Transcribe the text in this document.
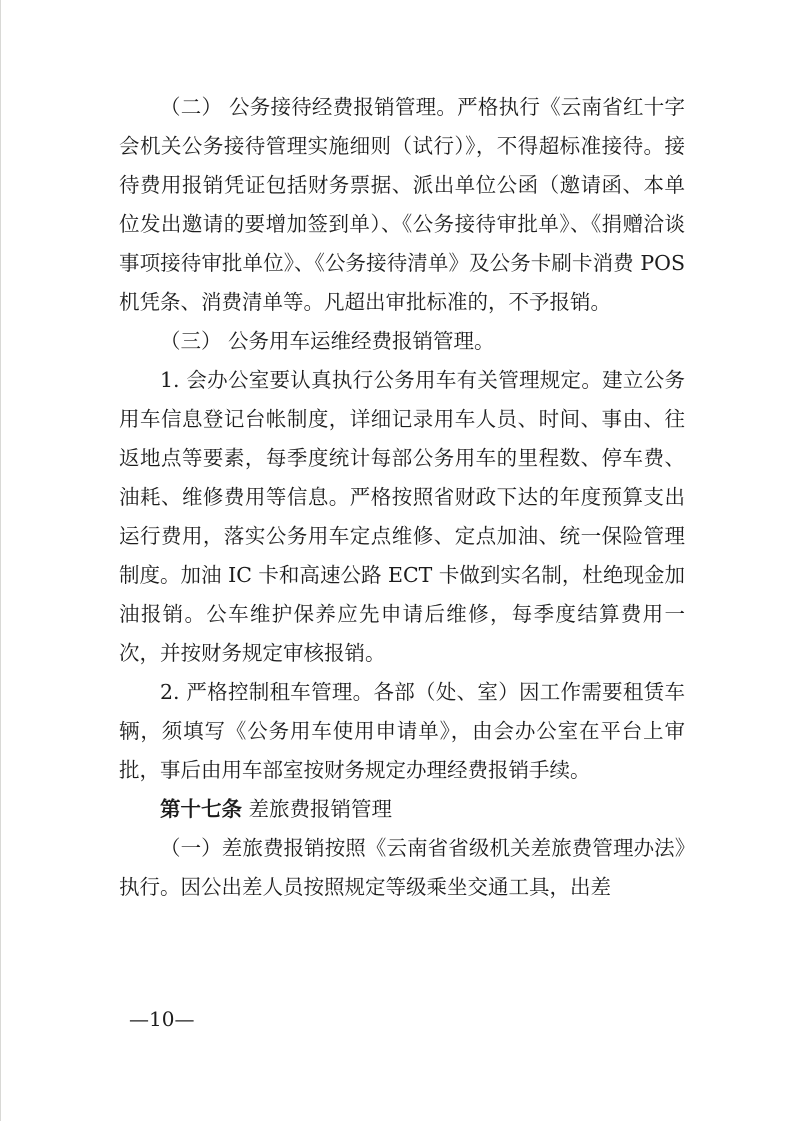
（二） 公务接待经费报销管理。严格执行《云南省红十字会机关公务接待管理实施细则（试行）》，不得超标准接待。接待费用报销凭证包括财务票据、派出单位公函（邀请函、本单位发出邀请的要增加签到单）、《公务接待审批单》、《捐赠洽谈事项接待审批单位》、《公务接待清单》及公务卡刷卡消费 POS 机凭条、消费清单等。凡超出审批标准的，不予报销。

（三） 公务用车运维经费报销管理。

1. 会办公室要认真执行公务用车有关管理规定。建立公务用车信息登记台帐制度，详细记录用车人员、时间、事由、往返地点等要素，每季度统计每部公务用车的里程数、停车费、油耗、维修费用等信息。严格按照省财政下达的年度预算支出运行费用，落实公务用车定点维修、定点加油、统一保险管理制度。加油 IC 卡和高速公路 ECT 卡做到实名制，杜绝现金加油报销。公车维护保养应先申请后维修，每季度结算费用一次，并按财务规定审核报销。

2. 严格控制租车管理。各部（处、室）因工作需要租赁车辆，须填写《公务用车使用申请单》，由会办公室在平台上审批，事后由用车部室按财务规定办理经费报销手续。

第十七条 差旅费报销管理

（一）差旅费报销按照《云南省省级机关差旅费管理办法》执行。因公出差人员按照规定等级乘坐交通工具，出差

—10—
